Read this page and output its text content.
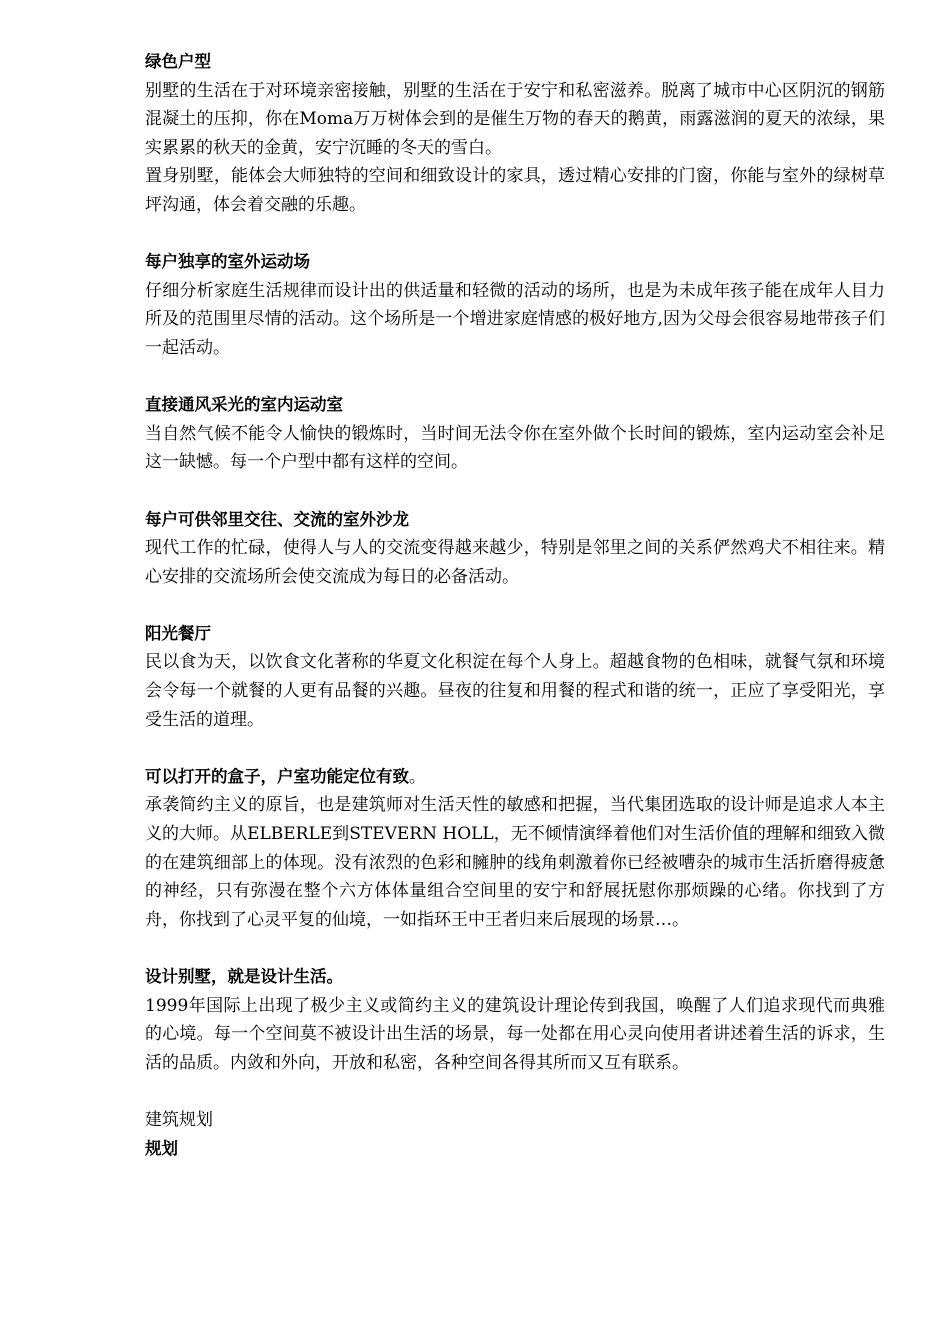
绿色户型

别墅的生活在于对环境亲密接触，别墅的生活在于安宁和私密滋养。脱离了城市中心区阴沉的钢筋混凝土的压抑，你在Moma万万树体会到的是催生万物的春天的鹅黄，雨露滋润的夏天的浓绿，果实累累的秋天的金黄，安宁沉睡的冬天的雪白。

置身别墅，能体会大师独特的空间和细致设计的家具，透过精心安排的门窗，你能与室外的绿树草坪沟通，体会着交融的乐趣。

每户独享的室外运动场

仔细分析家庭生活规律而设计出的供适量和轻微的活动的场所，也是为未成年孩子能在成年人目力所及的范围里尽情的活动。这个场所是一个增进家庭情感的极好地方,因为父母会很容易地带孩子们一起活动。

直接通风采光的室内运动室

当自然气候不能令人愉快的锻炼时，当时间无法令你在室外做个长时间的锻炼，室内运动室会补足这一缺憾。每一个户型中都有这样的空间。

每户可供邻里交往、交流的室外沙龙

现代工作的忙碌，使得人与人的交流变得越来越少，特别是邻里之间的关系俨然鸡犬不相往来。精心安排的交流场所会使交流成为每日的必备活动。

阳光餐厅

民以食为天，以饮食文化著称的华夏文化积淀在每个人身上。超越食物的色相味，就餐气氛和环境会令每一个就餐的人更有品餐的兴趣。昼夜的往复和用餐的程式和谐的统一，正应了享受阳光，享受生活的道理。

可以打开的盒子，户室功能定位有致。

承袭简约主义的原旨，也是建筑师对生活天性的敏感和把握，当代集团选取的设计师是追求人本主义的大师。从ELBERLE到STEVERN HOLL，无不倾情演绎着他们对生活价值的理解和细致入微的在建筑细部上的体现。没有浓烈的色彩和臃肿的线角刺激着你已经被嘈杂的城市生活折磨得疲惫的神经，只有弥漫在整个六方体体量组合空间里的安宁和舒展抚慰你那烦躁的心绪。你找到了方舟，你找到了心灵平复的仙境，一如指环王中王者归来后展现的场景…。

设计别墅，就是设计生活。

1999年国际上出现了极少主义或简约主义的建筑设计理论传到我国，唤醒了人们追求现代而典雅的心境。每一个空间莫不被设计出生活的场景，每一处都在用心灵向使用者讲述着生活的诉求，生活的品质。内敛和外向，开放和私密，各种空间各得其所而又互有联系。

建筑规划

规划
